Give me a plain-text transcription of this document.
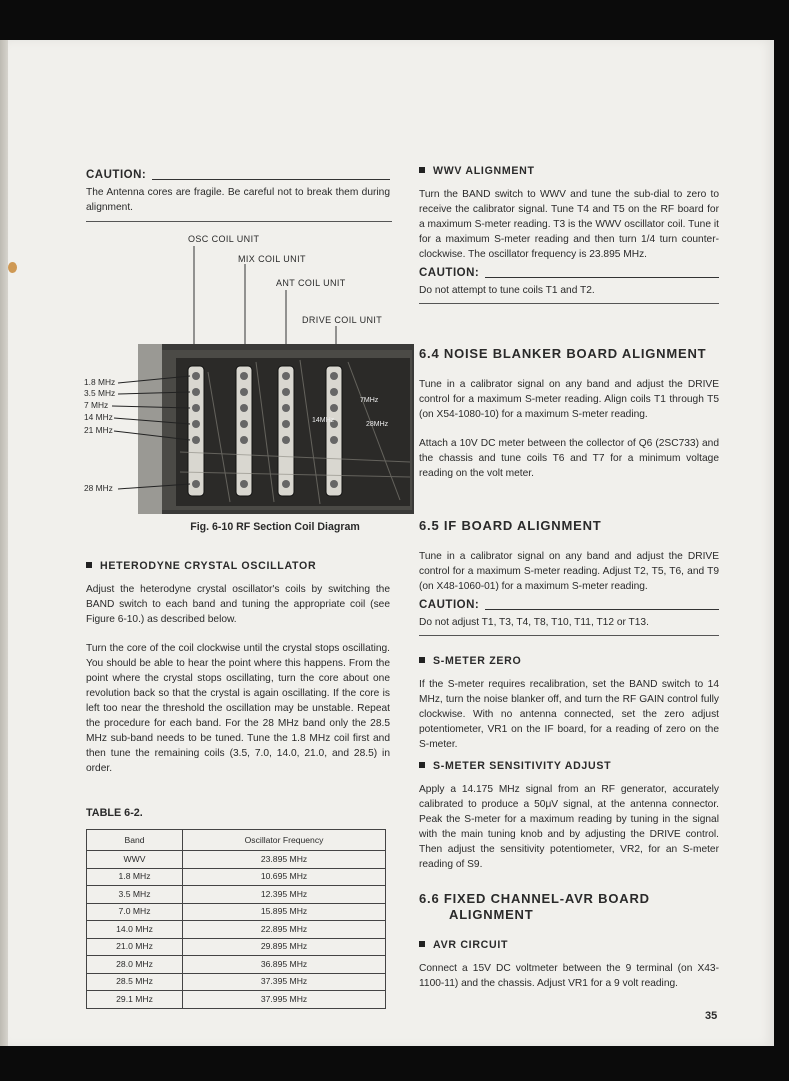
CAUTION:

The Antenna cores are fragile. Be careful not to break them during alignment.

14MHz
7MHz
28MHz
OSC COIL UNIT
MIX COIL UNIT
ANT COIL UNIT
DRIVE COIL UNIT
1.8 MHz
3.5 MHz
7 MHz
14 MHz
21 MHz
28 MHz
Fig. 6-10 RF Section Coil Diagram
HETERODYNE CRYSTAL OSCILLATOR

Adjust the heterodyne crystal oscillator's coils by switching the BAND switch to each band and tuning the appropriate coil (see Figure 6-10.) as described below.

Turn the core of the coil clockwise until the crystal stops oscillating. You should be able to hear the point where this happens. From the point where the crystal stops oscillating, turn the core about one revolution back so that the crystal is again oscillating. If the core is left too near the threshold the oscillation may be unstable. Repeat the procedure for each band. For the 28 MHz band only the 28.5 MHz sub-band needs to be tuned. Tune the 1.8 MHz coil first and then tune the remaining coils (3.5, 7.0, 14.0, 21.0, and 28.5) in order.

TABLE 6-2.
Band	Oscillator Frequency
WWV	23.895 MHz
1.8 MHz	10.695 MHz
3.5 MHz	12.395 MHz
7.0 MHz	15.895 MHz
14.0 MHz	22.895 MHz
21.0 MHz	29.895 MHz
28.0 MHz	36.895 MHz
28.5 MHz	37.395 MHz
29.1 MHz	37.995 MHz
WWV ALIGNMENT

Turn the BAND switch to WWV and tune the sub-dial to zero to receive the calibrator signal. Tune T4 and T5 on the RF board for a maximum S-meter reading. T3 is the WWV oscillator coil. Tune it for a maximum S-meter reading and then turn 1/4 turn counter-clockwise. The oscillator frequency is 23.895 MHz.

CAUTION:

Do not attempt to tune coils T1 and T2.

6.4 NOISE BLANKER BOARD ALIGNMENT

Tune in a calibrator signal on any band and adjust the DRIVE control for a maximum S-meter reading. Align coils T1 through T5 (on X54-1080-10) for a maximum S-meter reading.

Attach a 10V DC meter between the collector of Q6 (2SC733) and the chassis and tune coils T6 and T7 for a minimum voltage reading on the volt meter.

6.5 IF BOARD ALIGNMENT

Tune in a calibrator signal on any band and adjust the DRIVE control for a maximum S-meter reading. Adjust T2, T5, T6, and T9 (on X48-1060-01) for a maximum S-meter reading.

CAUTION:

Do not adjust T1, T3, T4, T8, T10, T11, T12 or T13.

S-METER ZERO

If the S-meter requires recalibration, set the BAND switch to 14 MHz, turn the noise blanker off, and turn the RF GAIN control fully clockwise. With no antenna connected, set the zero adjust potentiometer, VR1 on the IF board, for a reading of zero on the S-meter.

S-METER SENSITIVITY ADJUST

Apply a 14.175 MHz signal from an RF generator, accurately calibrated to produce a 50μV signal, at the antenna connector. Peak the S-meter for a maximum reading by tuning in the signal with the main tuning knob and by adjusting the DRIVE control. Then adjust the sensitivity potentiometer, VR2, for an S-meter reading of S9.

6.6 FIXED CHANNEL-AVR BOARD
ALIGNMENT
AVR CIRCUIT

Connect a 15V DC voltmeter between the 9 terminal (on X43-1100-11) and the chassis. Adjust VR1 for a 9 volt reading.

35
